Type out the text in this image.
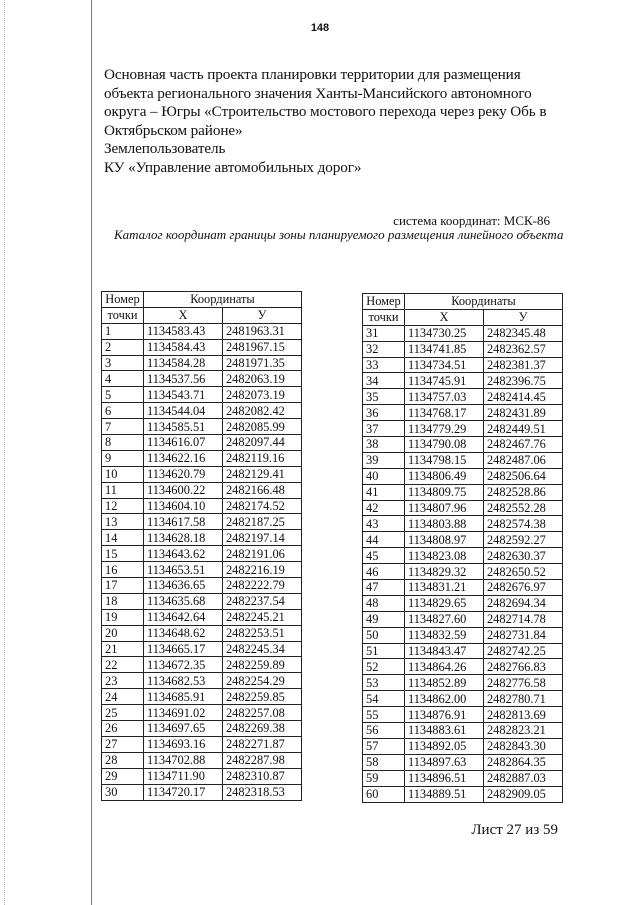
148
Основная часть проекта планировки территории для размещения
объекта регионального значения Ханты-Мансийского автономного
округа – Югры «Строительство мостового перехода через реку Обь в
Октябрьском районе»
Землепользователь
КУ «Управление автомобильных дорог»
система координат: МСК-86
Каталог координат границы зоны планируемого размещения линейного объекта
Номер	Координаты	
точки	Х	У
1	1134583.43	2481963.31
2	1134584.43	2481967.15
3	1134584.28	2481971.35
4	1134537.56	2482063.19
5	1134543.71	2482073.19
6	1134544.04	2482082.42
7	1134585.51	2482085.99
8	1134616.07	2482097.44
9	1134622.16	2482119.16
10	1134620.79	2482129.41
11	1134600.22	2482166.48
12	1134604.10	2482174.52
13	1134617.58	2482187.25
14	1134628.18	2482197.14
15	1134643.62	2482191.06
16	1134653.51	2482216.19
17	1134636.65	2482222.79
18	1134635.68	2482237.54
19	1134642.64	2482245.21
20	1134648.62	2482253.51
21	1134665.17	2482245.34
22	1134672.35	2482259.89
23	1134682.53	2482254.29
24	1134685.91	2482259.85
25	1134691.02	2482257.08
26	1134697.65	2482269.38
27	1134693.16	2482271.87
28	1134702.88	2482287.98
29	1134711.90	2482310.87
30	1134720.17	2482318.53
Номер	Координаты	
точки	Х	У
31	1134730.25	2482345.48
32	1134741.85	2482362.57
33	1134734.51	2482381.37
34	1134745.91	2482396.75
35	1134757.03	2482414.45
36	1134768.17	2482431.89
37	1134779.29	2482449.51
38	1134790.08	2482467.76
39	1134798.15	2482487.06
40	1134806.49	2482506.64
41	1134809.75	2482528.86
42	1134807.96	2482552.28
43	1134803.88	2482574.38
44	1134808.97	2482592.27
45	1134823.08	2482630.37
46	1134829.32	2482650.52
47	1134831.21	2482676.97
48	1134829.65	2482694.34
49	1134827.60	2482714.78
50	1134832.59	2482731.84
51	1134843.47	2482742.25
52	1134864.26	2482766.83
53	1134852.89	2482776.58
54	1134862.00	2482780.71
55	1134876.91	2482813.69
56	1134883.61	2482823.21
57	1134892.05	2482843.30
58	1134897.63	2482864.35
59	1134896.51	2482887.03
60	1134889.51	2482909.05
Лист 27 из 59
